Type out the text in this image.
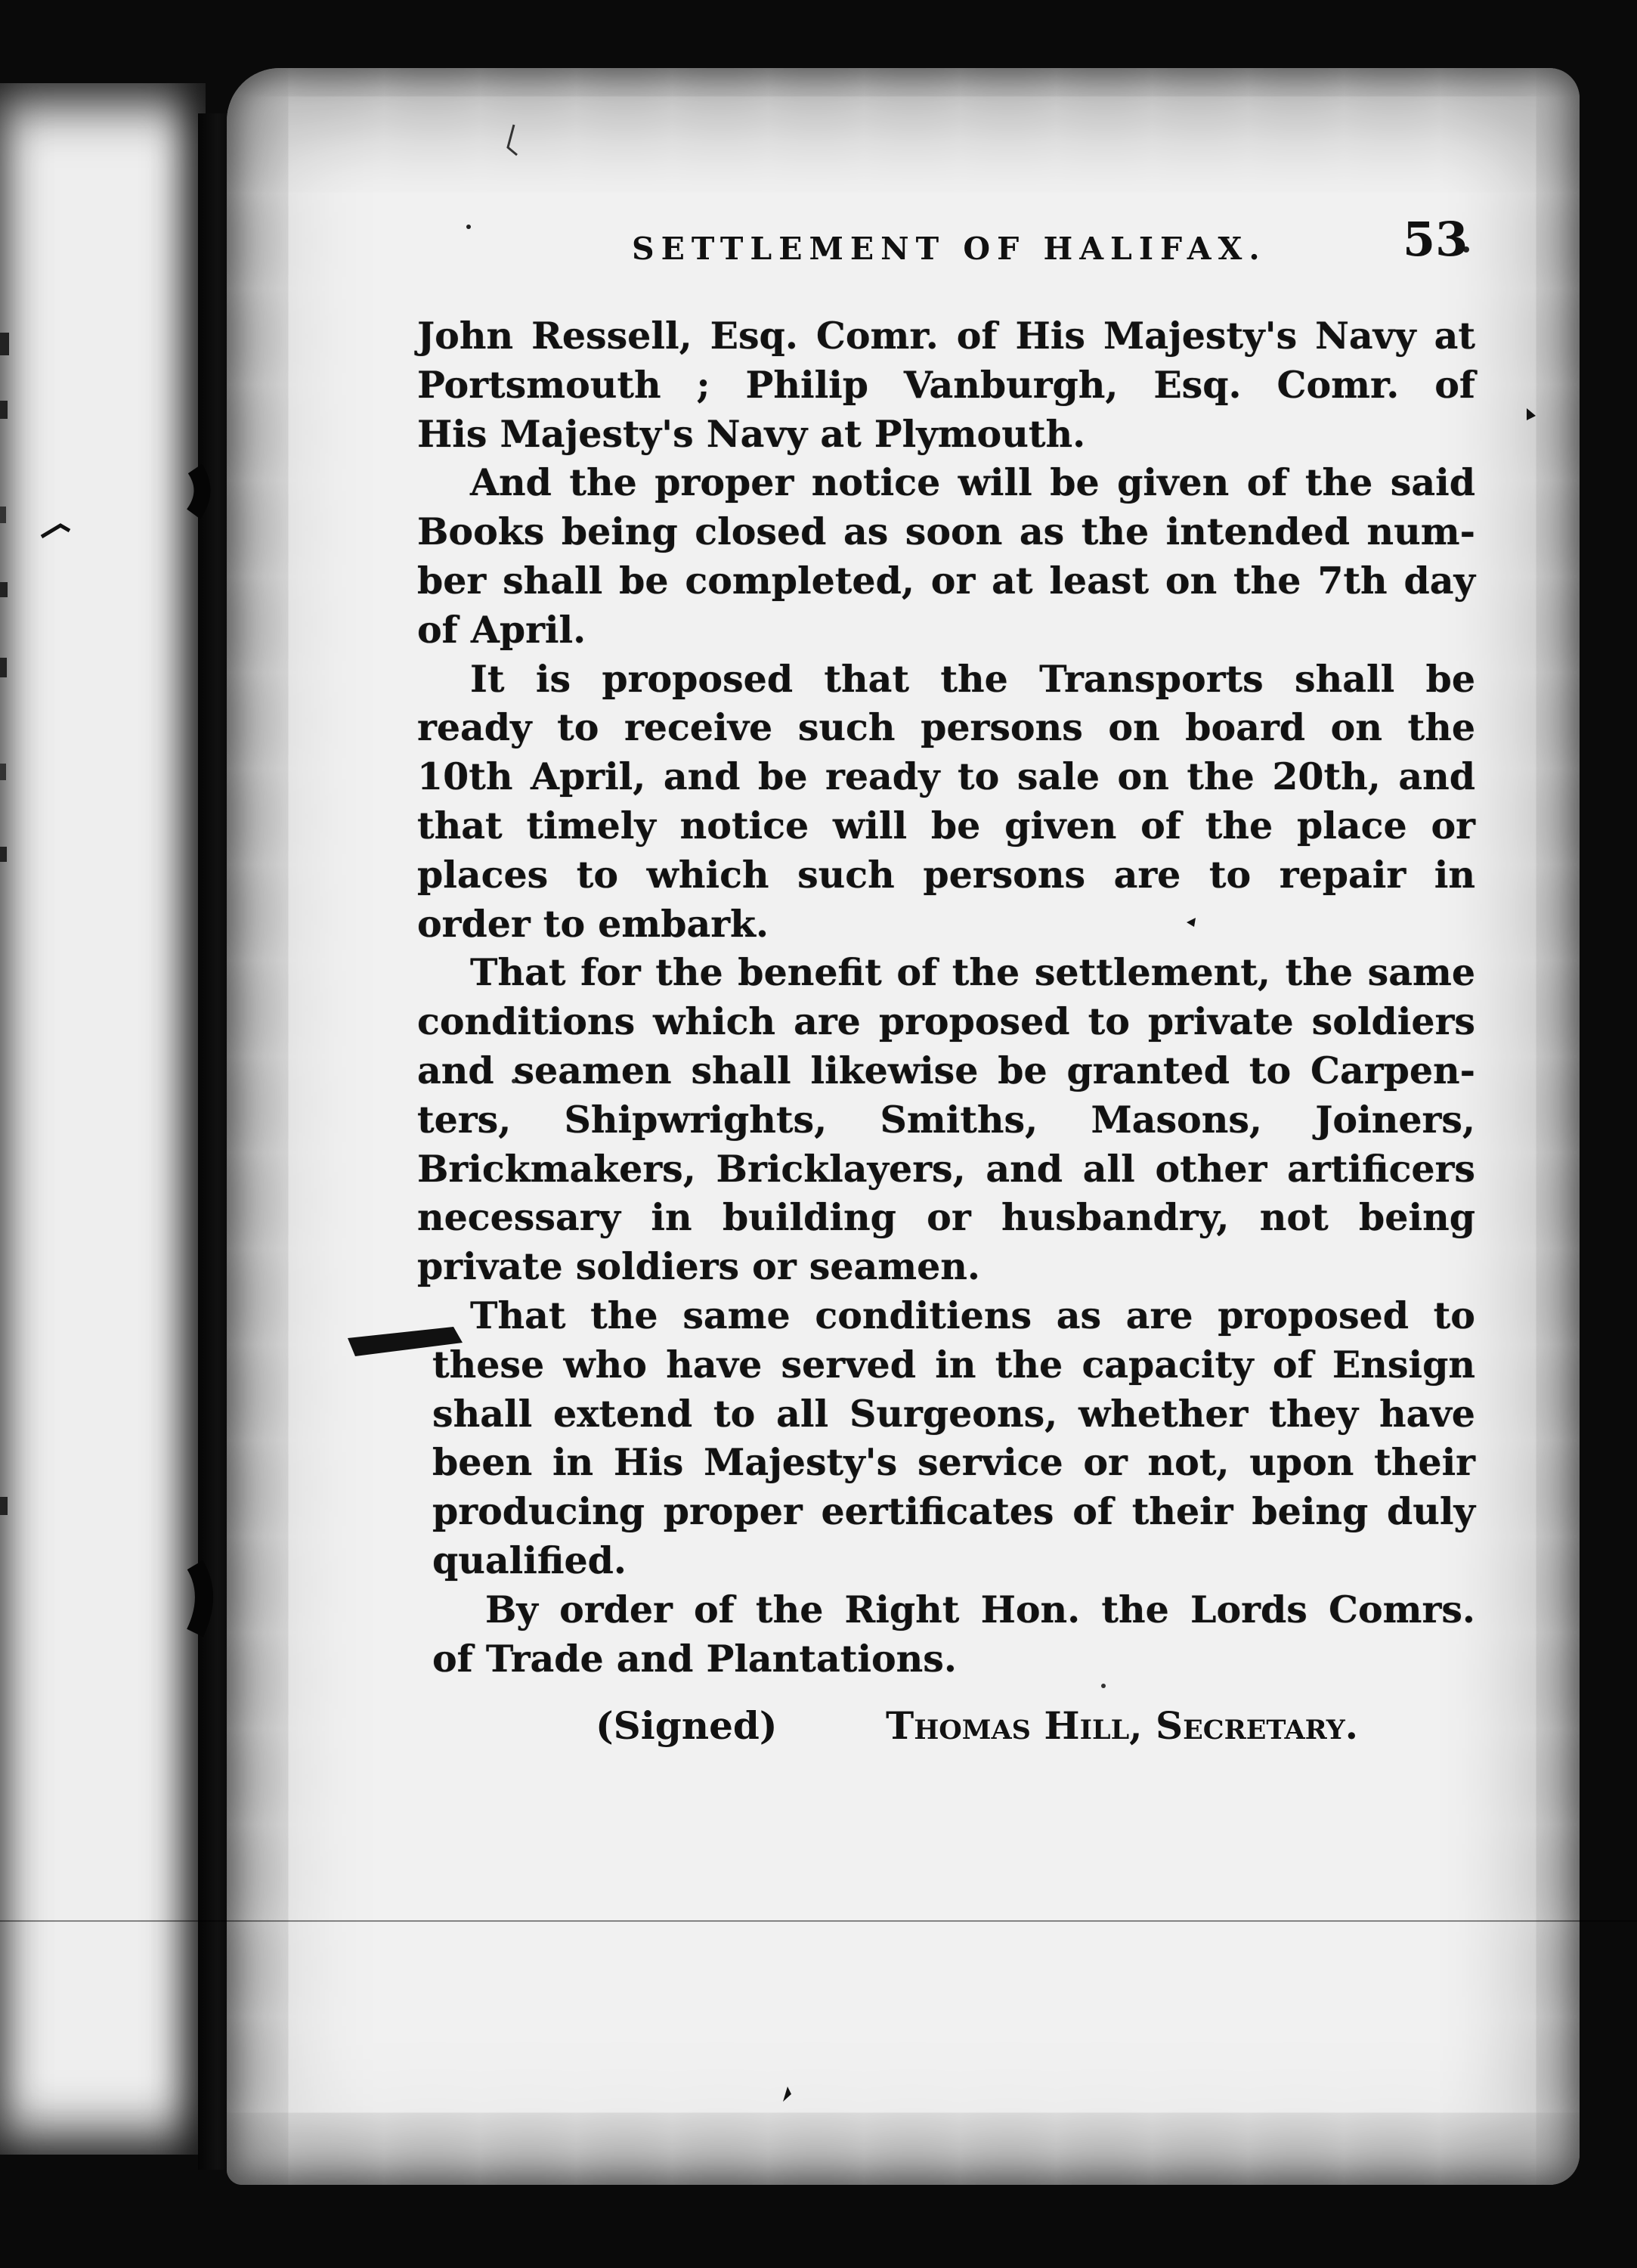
SETTLEMENT OF HALIFAX.	53
John Ressell, Esq. Comr. of His Majesty's Navy at
Portsmouth ; Philip Vanburgh, Esq. Comr. of
His Majesty's Navy at Plymouth.
And the proper notice will be given of the said
Books being closed as soon as the intended num-
ber shall be completed, or at least on the 7th day
of April.
It is proposed that the Transports shall be
ready to receive such persons on board on the
10th April, and be ready to sale on the 20th, and
that timely notice will be given of the place or
places to which such persons are to repair in
order to embark.
That for the benefit of the settlement, the same
conditions which are proposed to private soldiers
and seamen shall likewise be granted to Carpen-
ters, Shipwrights, Smiths, Masons, Joiners,
Brickmakers, Bricklayers, and all other artificers
necessary in building or husbandry, not being
private soldiers or seamen.
That the same conditiens as are proposed to
these who have served in the capacity of Ensign
shall extend to all Surgeons, whether they have
been in His Majesty's service or not, upon their
producing proper eertificates of their being duly
qualified.
By order of the Right Hon. the Lords Comrs.
of Trade and Plantations.
(Signed)	Thomas Hill, Secretary.
